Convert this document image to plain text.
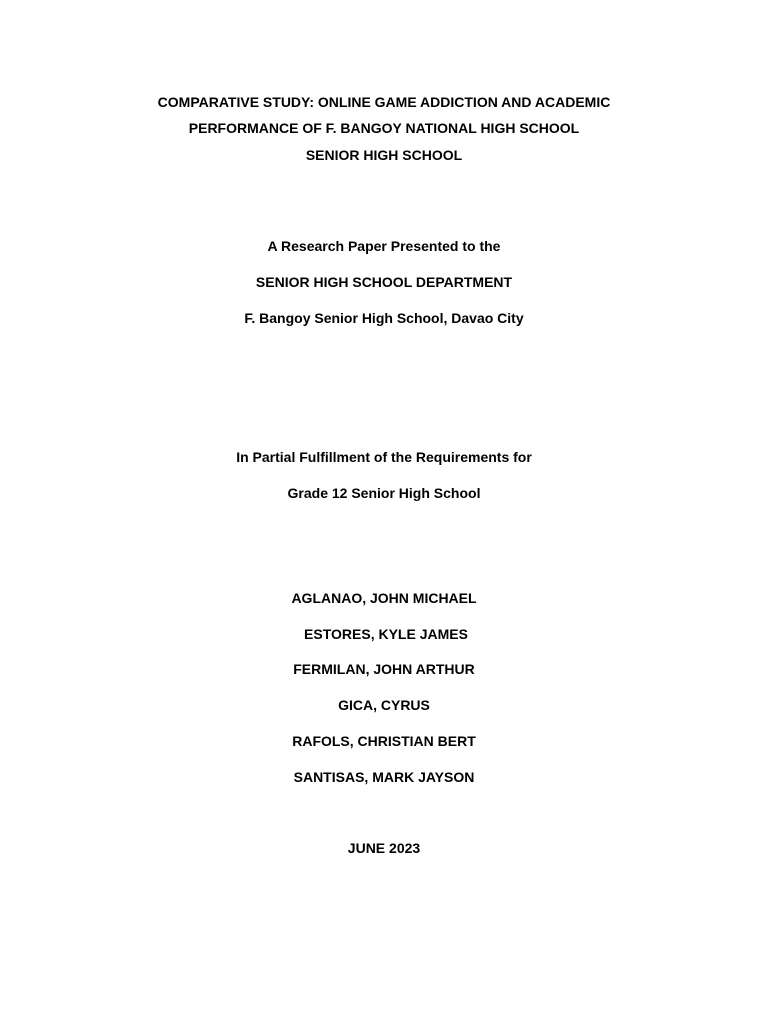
COMPARATIVE STUDY: ONLINE GAME ADDICTION AND ACADEMIC
PERFORMANCE OF F. BANGOY NATIONAL HIGH SCHOOL
SENIOR HIGH SCHOOL
A Research Paper Presented to the
SENIOR HIGH SCHOOL DEPARTMENT
F. Bangoy Senior High School, Davao City
In Partial Fulfillment of the Requirements for
Grade 12 Senior High School
AGLANAO, JOHN MICHAEL
ESTORES, KYLE JAMES
FERMILAN, JOHN ARTHUR
GICA, CYRUS
RAFOLS, CHRISTIAN BERT
SANTISAS, MARK JAYSON
JUNE 2023
